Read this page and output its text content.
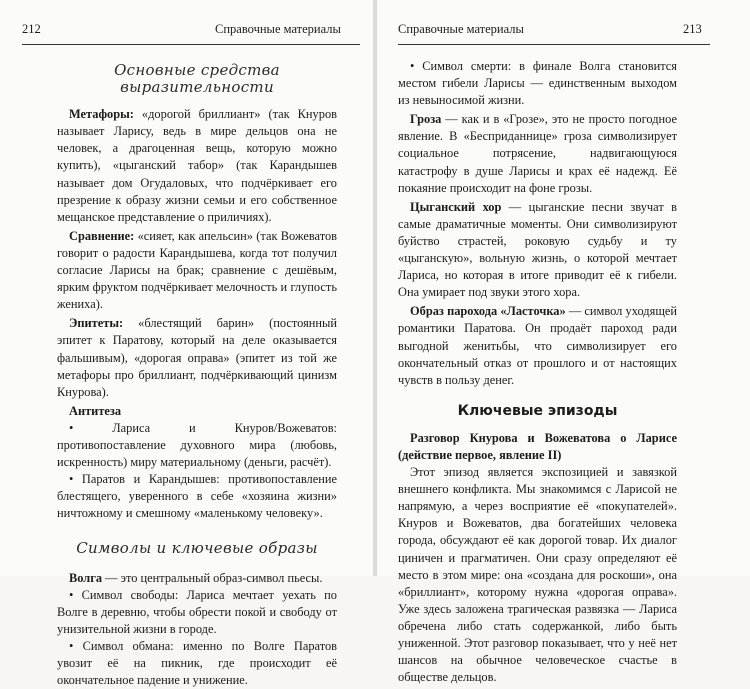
212	Справочные материалы
Основные средства
выразительности

Метафоры: «дорогой бриллиант» (так Кнуров называет Ларису, ведь в мире дельцов она не человек, а драгоценная вещь, которую можно купить), «цыганский табор» (так Карандышев называет дом Огудаловых, что подчёркивает его презрение к образу жизни семьи и его собственное мещанское представление о приличиях).

Сравнение: «сияет, как апельсин» (так Вожеватов говорит о радости Карандышева, когда тот получил согласие Ларисы на брак; сравнение с дешёвым, ярким фруктом подчёркивает мелочность и глупость жениха).

Эпитеты: «блестящий барин» (постоянный эпитет к Паратову, который на деле оказывается фальшивым), «дорогая оправа» (эпитет из той же метафоры про бриллиант, подчёркивающий цинизм Кнурова).

Антитеза

• Лариса и Кнуров/Вожеватов: противопоставление духовного мира (любовь, искренность) миру материальному (деньги, расчёт).

• Паратов и Карандышев: противопоставление блестящего, уверенного в себе «хозяина жизни» ничтожному и смешному «маленькому человеку».

Символы и ключевые образы

Волга — это центральный образ-символ пьесы.

• Символ свободы: Лариса мечтает уехать по Волге в деревню, чтобы обрести покой и свободу от унизительной жизни в городе.

• Символ обмана: именно по Волге Паратов увозит её на пикник, где происходит её окончательное падение и унижение.

Справочные материалы	213

• Символ смерти: в финале Волга становится местом гибели Ларисы — единственным выходом из невыносимой жизни.

Гроза — как и в «Грозе», это не просто погодное явление. В «Бесприданнице» гроза символизирует социальное потрясение, надвигающуюся катастрофу в душе Ларисы и крах её надежд. Её покаяние происходит на фоне грозы.

Цыганский хор — цыганские песни звучат в самые драматичные моменты. Они символизируют буйство страстей, роковую судьбу и ту «цыганскую», вольную жизнь, о которой мечтает Лариса, но которая в итоге приводит её к гибели. Она умирает под звуки этого хора.

Образ парохода «Ласточка» — символ уходящей романтики Паратова. Он продаёт пароход ради выгодной женитьбы, что символизирует его окончательный отказ от прошлого и от настоящих чувств в пользу денег.

Ключевые эпизоды

Разговор Кнурова и Вожеватова о Ларисе (действие первое, явление II)

Этот эпизод является экспозицией и завязкой внешнего конфликта. Мы знакомимся с Ларисой не напрямую, а через восприятие её «покупателей». Кнуров и Вожеватов, два богатейших человека города, обсуждают её как дорогой товар. Их диалог циничен и прагматичен. Они сразу определяют её место в этом мире: она «создана для роскоши», она «бриллиант», которому нужна «дорогая оправа». Уже здесь заложена трагическая развязка — Лариса обречена либо стать содержанкой, либо быть униженной. Этот разговор показывает, что у неё нет шансов на обычное человеческое счастье в обществе дельцов.
